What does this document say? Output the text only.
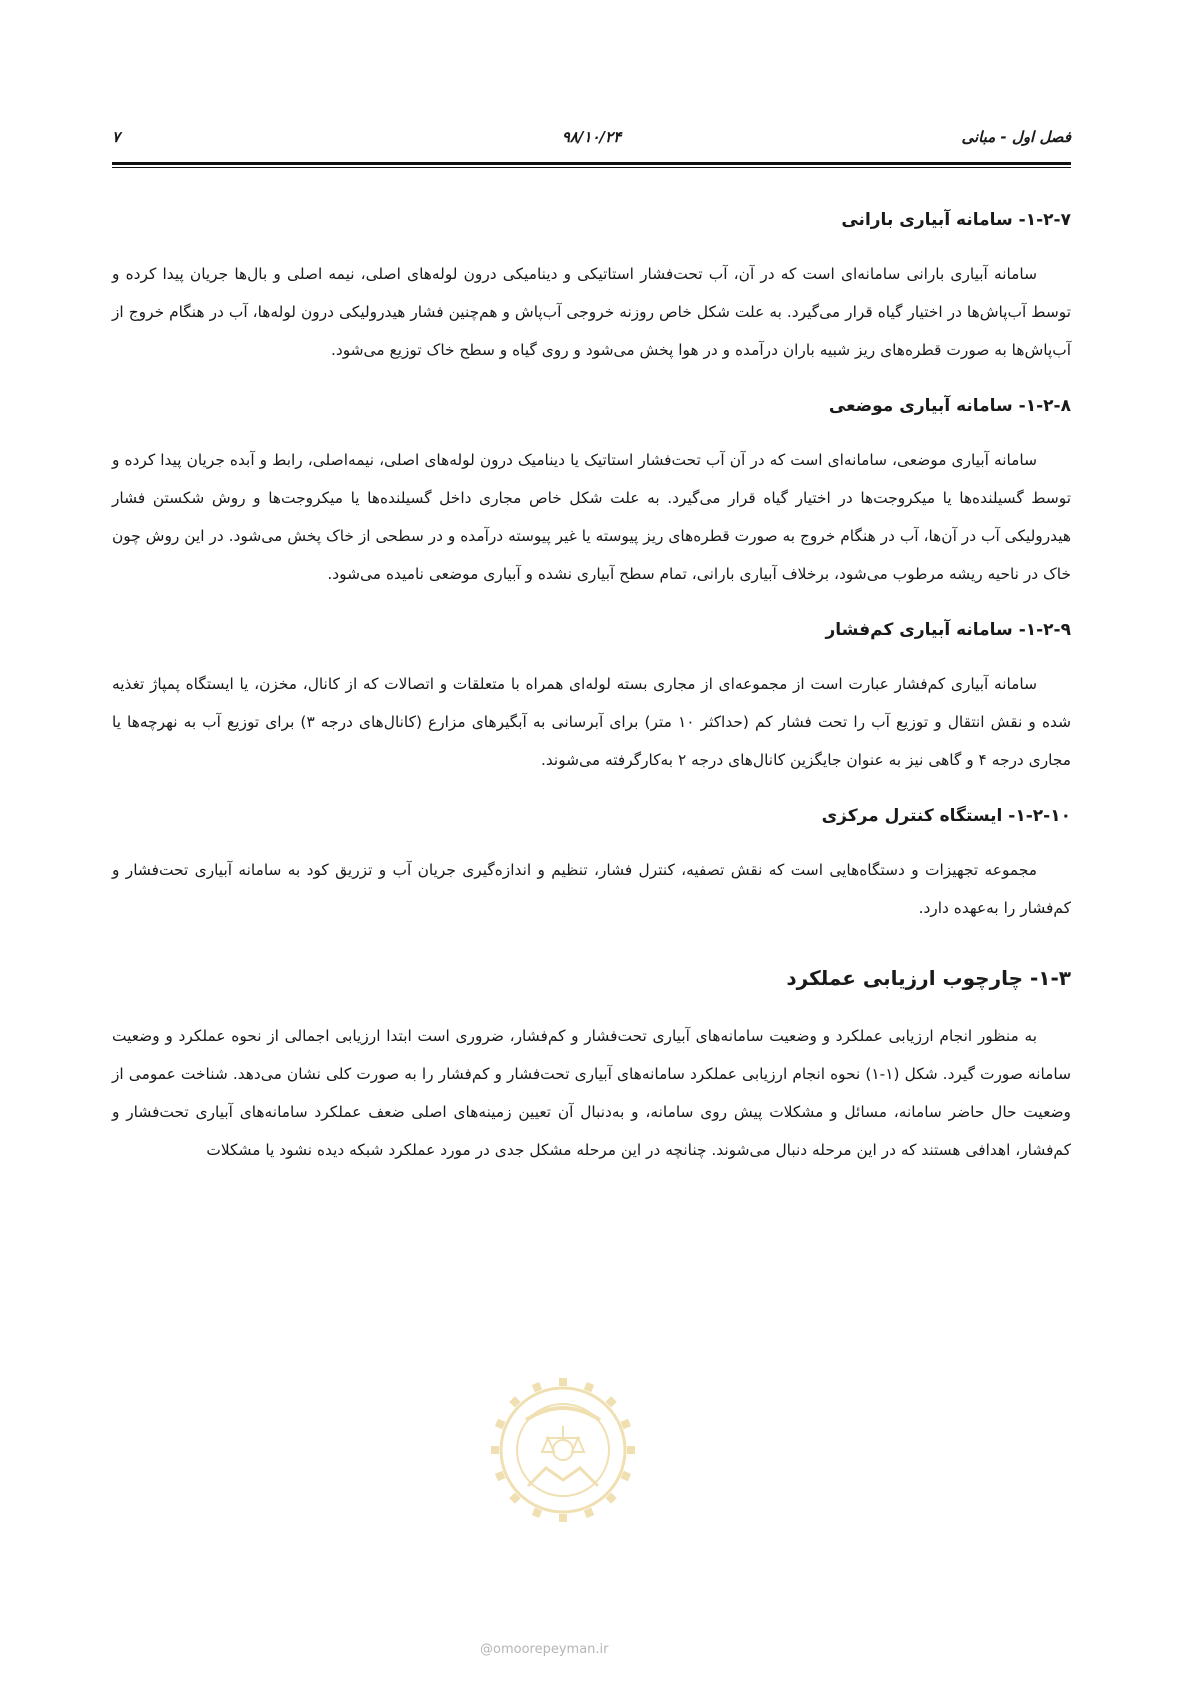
فصل اول - مبانی
۹۸/۱۰/۲۴
۷
۱-۲-۷- سامانه آبیاری بارانی

سامانه آبیاری بارانی سامانه‌ای است که در آن، آب تحت‌فشار استاتیکی و دینامیکی درون لوله‌های اصلی، نیمه اصلی و بال‌ها جریان پیدا کرده و توسط آب‌پاش‌ها در اختیار گیاه قرار می‌گیرد. به علت شکل خاص روزنه خروجی آب‌پاش و هم‌چنین فشار هیدرولیکی درون لوله‌ها، آب در هنگام خروج از آب‌پاش‌ها به صورت قطره‌های ریز شبیه باران درآمده و در هوا پخش می‌شود و روی گیاه و سطح خاک توزیع می‌شود.

۱-۲-۸- سامانه آبیاری موضعی

سامانه آبیاری موضعی، سامانه‌ای است که در آن آب تحت‌فشار استاتیک یا دینامیک درون لوله‌های اصلی، نیمه‌اصلی، رابط و آبده جریان پیدا کرده و توسط گسیلنده‌ها یا میکروجت‌ها در اختیار گیاه قرار می‌گیرد. به علت شکل خاص مجاری داخل گسیلنده‌ها یا میکروجت‌ها و روش شکستن فشار هیدرولیکی آب در آن‌ها، آب در هنگام خروج به صورت قطره‌های ریز پیوسته یا غیر پیوسته درآمده و در سطحی از خاک پخش می‌شود. در این روش چون خاک در ناحیه ریشه مرطوب می‌شود، برخلاف آبیاری بارانی، تمام سطح آبیاری نشده و آبیاری موضعی نامیده می‌شود.

۱-۲-۹- سامانه آبیاری کم‌فشار

سامانه آبیاری کم‌فشار عبارت است از مجموعه‌ای از مجاری بسته لوله‌ای همراه با متعلقات و اتصالات که از کانال، مخزن، یا ایستگاه پمپاژ تغذیه شده و نقش انتقال و توزیع آب را تحت فشار کم (حداکثر ۱۰ متر) برای آبرسانی به آبگیرهای مزارع (کانال‌های درجه ۳) برای توزیع آب به نهرچه‌ها یا مجاری درجه ۴ و گاهی نیز به عنوان جایگزین کانال‌های درجه ۲ به‌کارگرفته می‌شوند.

۱-۲-۱۰- ایستگاه کنترل مرکزی

مجموعه تجهیزات و دستگاه‌هایی است که نقش تصفیه، کنترل فشار، تنظیم و اندازه‌گیری جریان آب و تزریق کود به سامانه آبیاری تحت‌فشار و کم‌فشار را به‌عهده دارد.

۱-۳- چارچوب ارزیابی عملکرد

به منظور انجام ارزیابی عملکرد و وضعیت سامانه‌های آبیاری تحت‌فشار و کم‌فشار، ضروری است ابتدا ارزیابی اجمالی از نحوه عملکرد و وضعیت سامانه صورت گیرد. شکل (۱-۱) نحوه انجام ارزیابی عملکرد سامانه‌های آبیاری تحت‌فشار و کم‌فشار را به صورت کلی نشان می‌دهد. شناخت عمومی از وضعیت حال حاضر سامانه، مسائل و مشکلات پیش روی سامانه، و به‌دنبال آن تعیین زمینه‌های اصلی ضعف عملکرد سامانه‌های آبیاری تحت‌فشار و کم‌فشار، اهدافی هستند که در این مرحله دنبال می‌شوند. چنانچه در این مرحله مشکل جدی در مورد عملکرد شبکه دیده نشود یا مشکلات

@omoorepeyman.ir
